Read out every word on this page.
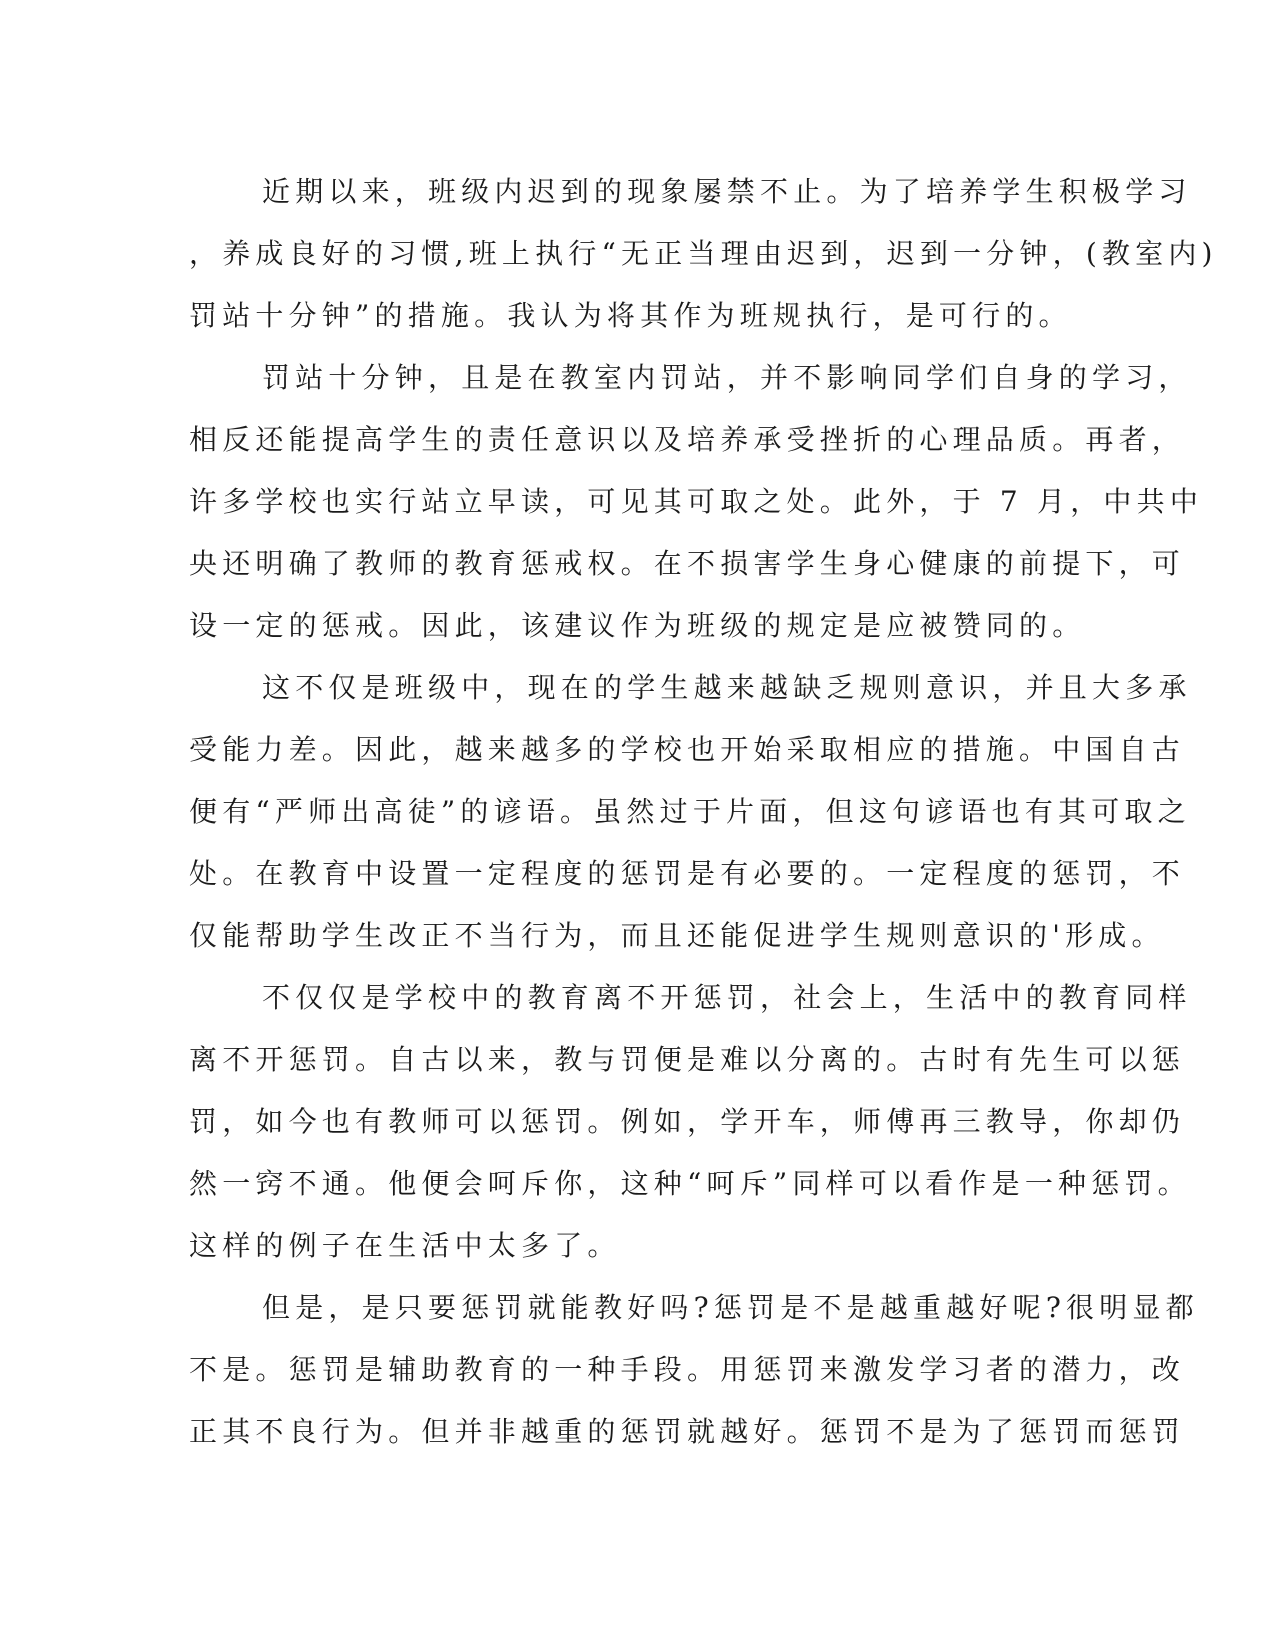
近期以来，班级内迟到的现象屡禁不止。为了培养学生积极学习
，养成良好的习惯,班上执行“无正当理由迟到，迟到一分钟，(教室内)
罚站十分钟”的措施。我认为将其作为班规执行，是可行的。
罚站十分钟，且是在教室内罚站，并不影响同学们自身的学习，
相反还能提高学生的责任意识以及培养承受挫折的心理品质。再者，
许多学校也实行站立早读，可见其可取之处。此外，于 7 月，中共中
央还明确了教师的教育惩戒权。在不损害学生身心健康的前提下，可
设一定的惩戒。因此，该建议作为班级的规定是应被赞同的。
这不仅是班级中，现在的学生越来越缺乏规则意识，并且大多承
受能力差。因此，越来越多的学校也开始采取相应的措施。中国自古
便有“严师出高徒”的谚语。虽然过于片面，但这句谚语也有其可取之
处。在教育中设置一定程度的惩罚是有必要的。一定程度的惩罚，不
仅能帮助学生改正不当行为，而且还能促进学生规则意识的'形成。
不仅仅是学校中的教育离不开惩罚，社会上，生活中的教育同样
离不开惩罚。自古以来，教与罚便是难以分离的。古时有先生可以惩
罚，如今也有教师可以惩罚。例如，学开车，师傅再三教导，你却仍
然一窍不通。他便会呵斥你，这种“呵斥”同样可以看作是一种惩罚。
这样的例子在生活中太多了。
但是，是只要惩罚就能教好吗?惩罚是不是越重越好呢?很明显都
不是。惩罚是辅助教育的一种手段。用惩罚来激发学习者的潜力，改
正其不良行为。但并非越重的惩罚就越好。惩罚不是为了惩罚而惩罚
